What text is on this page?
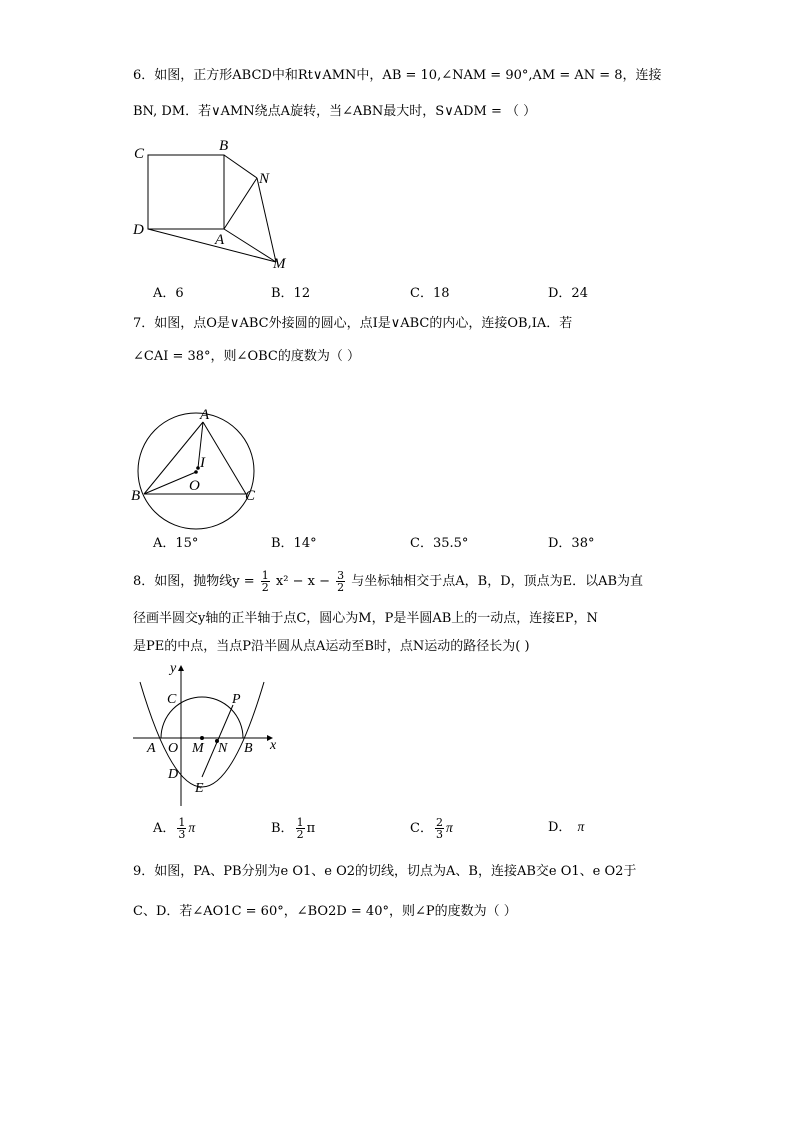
6．如图，正方形ABCD中和Rt∨AMN中，AB = 10,∠NAM = 90°,AM = AN = 8，连接
BN, DM．若∨AMN绕点A旋转，当∠ABN最大时，S∨ADM = （ ）
C	B
N
D
A
M
A．6	B．12	C．18	D．24
7．如图，点O是∨ABC外接圆的圆心，点I是∨ABC的内心，连接OB,IA．若
∠CAI = 38°，则∠OBC的度数为（ ）
A
I
O
B	C
A．15°	B．14°	C．35.5°	D．38°
8．如图，抛物线$y = \frac{1}{2} x^2 - x - \frac{3}{2}$ 与坐标轴相交于点A，B，D，顶点为E．以AB为直
径画半圆交y轴的正半轴于点C，圆心为M，P是半圆AB上的一动点，连接EP，N
是PE的中点，当点P沿半圆从点A运动至B时，点N运动的路径长为( )
y
x
C	P
A O M N B
D
E
A． $\frac{1}{3}$ π	B． $\frac{1}{2}$ π	C． $\frac{2}{3}$ π	D． π
9．如图，PA、PB分别为e O1、e O2的切线，切点为A、B，连接AB交e O1、e O2于
C、D．若∠AO1C = 60°，∠BO2D = 40°，则∠P的度数为（ ）
